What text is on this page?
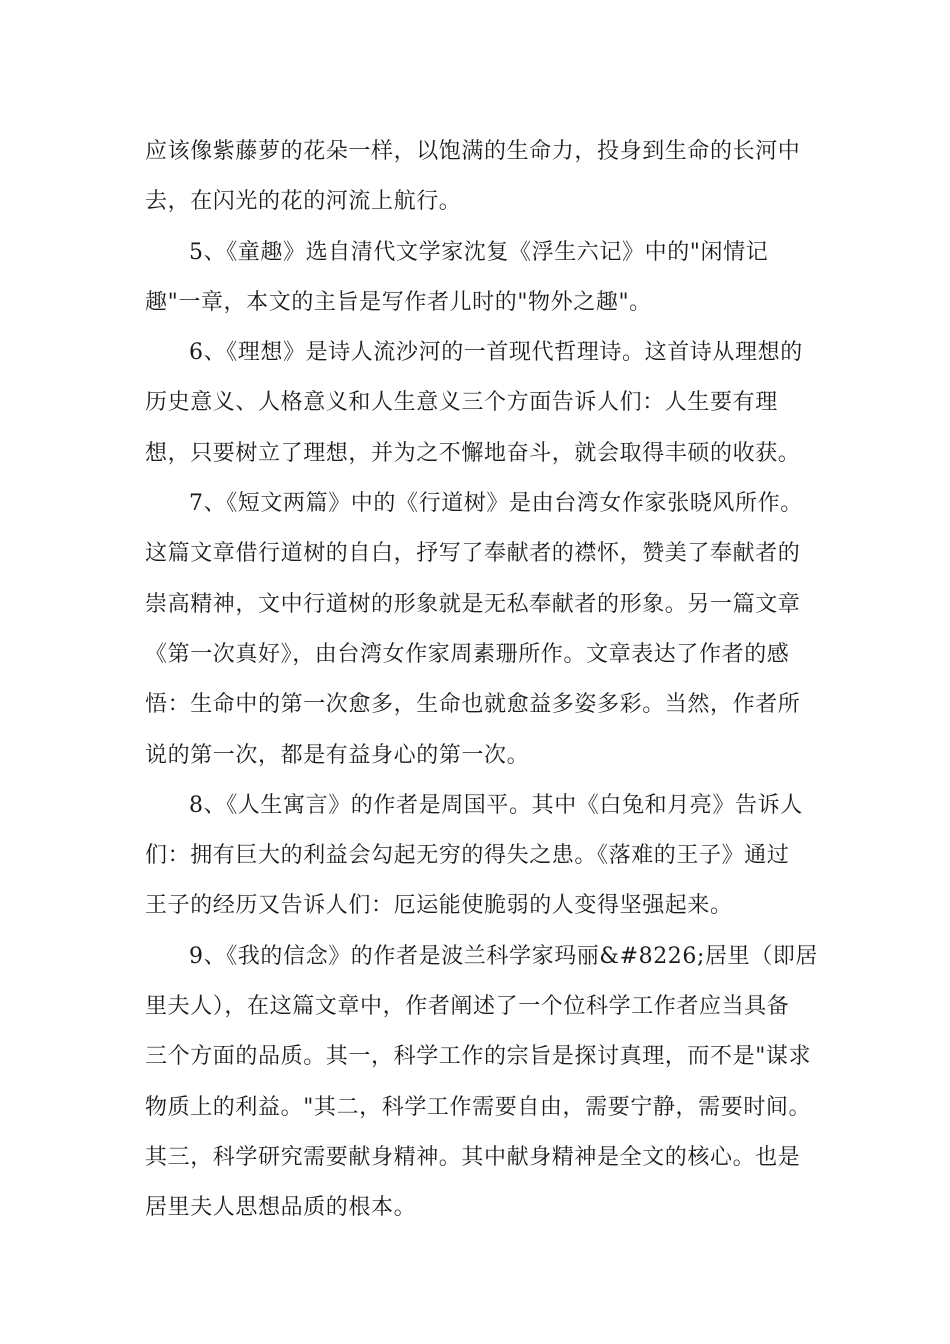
应该像紫藤萝的花朵一样，以饱满的生命力，投身到生命的长河中
去，在闪光的花的河流上航行。

5、《童趣》选自清代文学家沈复《浮生六记》中的"闲情记
趣"一章，本文的主旨是写作者儿时的"物外之趣"。

6、《理想》是诗人流沙河的一首现代哲理诗。这首诗从理想的
历史意义、人格意义和人生意义三个方面告诉人们：人生要有理
想，只要树立了理想，并为之不懈地奋斗，就会取得丰硕的收获。

7、《短文两篇》中的《行道树》是由台湾女作家张晓风所作。
这篇文章借行道树的自白，抒写了奉献者的襟怀，赞美了奉献者的
崇高精神，文中行道树的形象就是无私奉献者的形象。另一篇文章
《第一次真好》，由台湾女作家周素珊所作。文章表达了作者的感
悟：生命中的第一次愈多，生命也就愈益多姿多彩。当然，作者所
说的第一次，都是有益身心的第一次。

8、《人生寓言》的作者是周国平。其中《白兔和月亮》告诉人
们：拥有巨大的利益会勾起无穷的得失之患。《落难的王子》通过
王子的经历又告诉人们：厄运能使脆弱的人变得坚强起来。

9、《我的信念》的作者是波兰科学家玛丽&#8226;居里（即居
里夫人），在这篇文章中，作者阐述了一个位科学工作者应当具备
三个方面的品质。其一，科学工作的宗旨是探讨真理，而不是"谋求
物质上的利益。"其二，科学工作需要自由，需要宁静，需要时间。
其三，科学研究需要献身精神。其中献身精神是全文的核心。也是
居里夫人思想品质的根本。
